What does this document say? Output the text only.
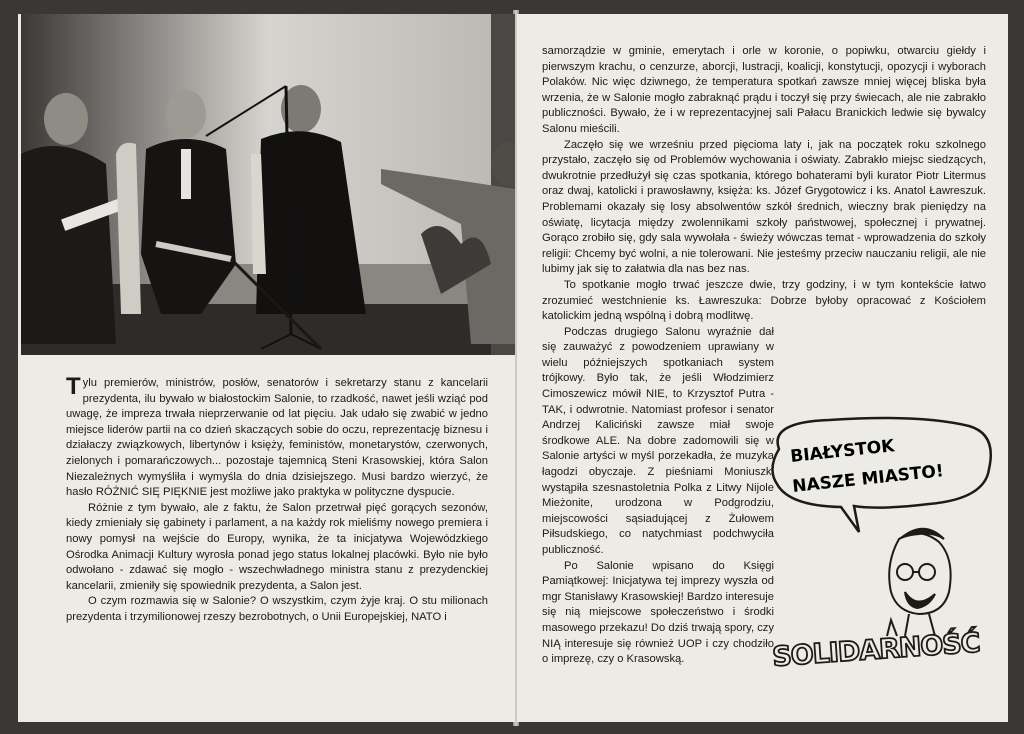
Tylu premierów, ministrów, posłów, senatorów i sekretarzy stanu z kancelarii prezydenta, ilu bywało w białostockim Salonie, to rzadkość, nawet jeśli wziąć pod uwagę, że impreza trwała nieprzerwanie od lat pięciu. Jak udało się zwabić w jedno miejsce liderów partii na co dzień skaczących sobie do oczu, reprezentację biznesu i działaczy związkowych, libertynów i księży, feministów, monetarystów, czerwonych, zielonych i pomarańczowych... pozostaje tajemnicą Steni Krasowskiej, która Salon Niezależnych wymyśliła i wymyśla do dnia dzisiejszego. Musi bardzo wierzyć, że hasło RÓŻNIĆ SIĘ PIĘKNIE jest możliwe jako praktyka w polityczne dyspucie.

Różnie z tym bywało, ale z faktu, że Salon przetrwał pięć gorących sezonów, kiedy zmieniały się gabinety i parlament, a na każdy rok mieliśmy nowego premiera i nowy pomysł na wejście do Europy, wynika, że ta inicjatywa Wojewódzkiego Ośrodka Animacji Kultury wyrosła ponad jego status lokalnej placówki. Było nie było odwołano - zdawać się mogło - wszechwładnego ministra stanu z prezydenckiej kancelarii, zmieniły się spowiednik prezydenta, a Salon jest.

O czym rozmawia się w Salonie? O wszystkim, czym żyje kraj. O stu milionach prezydenta i trzymilionowej rzeszy bezrobotnych, o Unii Europejskiej, NATO i

samorządzie w gminie, emerytach i orle w koronie, o popiwku, otwarciu giełdy i pierwszym krachu, o cenzurze, aborcji, lustracji, koalicji, konstytucji, opozycji i wyborach Polaków. Nic więc dziwnego, że temperatura spotkań zawsze mniej więcej bliska była wrzenia, że w Salonie mogło zabraknąć prądu i toczył się przy świecach, ale nie zabrakło publiczności. Bywało, że i w reprezentacyjnej sali Pałacu Branickich ledwie się bywalcy Salonu mieścili.

Zaczęło się we wrześniu przed pięcioma laty i, jak na początek roku szkolnego przystało, zaczęło się od Problemów wychowania i oświaty. Zabrakło miejsc siedzących, dwukrotnie przedłużył się czas spotkania, którego bohaterami byli kurator Piotr Litermus oraz dwaj, katolicki i prawosławny, księża: ks. Józef Grygotowicz i ks. Anatol Ławreszuk. Problemami okazały się losy absolwentów szkół średnich, wieczny brak pieniędzy na oświatę, licytacja między zwolennikami szkoły państwowej, społecznej i prywatnej. Gorąco zrobiło się, gdy sala wywołała - świeży wówczas temat - wprowadzenia do szkoły religii: Chcemy być wolni, a nie tolerowani. Nie jesteśmy przeciw nauczaniu religii, ale nie lubimy jak się to załatwia dla nas bez nas.

To spotkanie mogło trwać jeszcze dwie, trzy godziny, i w tym kontekście łatwo zrozumieć westchnienie ks. Ławreszuka: Dobrze byłoby opracować z Kościołem katolickim jedną wspólną i dobrą modlitwę.

Podczas drugiego Salonu wyraźnie dał się zauważyć z powodzeniem uprawiany w wielu późniejszych spotkaniach system trójkowy. Było tak, że jeśli Włodzimierz Cimoszewicz mówił NIE, to Krzysztof Putra - TAK, i odwrotnie. Natomiast profesor i senator Andrzej Kaliciński zawsze miał swoje środkowe ALE. Na dobre zadomowili się w Salonie artyści w myśl porzekadła, że muzyka łagodzi obyczaje. Z pieśniami Moniuszki wystąpiła szesnastoletnia Polka z Litwy Nijole Mieżonite, urodzona w Podgrodziu, miejscowości sąsiadującej z Żułowem Piłsudskiego, co natychmiast podchwyciła publiczność.

Po Salonie wpisano do Księgi Pamiątkowej: Inicjatywa tej imprezy wyszła od mgr Stanisławy Krasowskiej! Bardzo interesuje się nią miejscowe społeczeństwo i środki masowego przekazu! Do dziś trwają spory, czy NIĄ interesuje się również UOP i czy chodziło o imprezę, czy o Krasowską.

BIAŁYSTOK
NASZE MIASTO!
SOLIDARNOŚĆ
